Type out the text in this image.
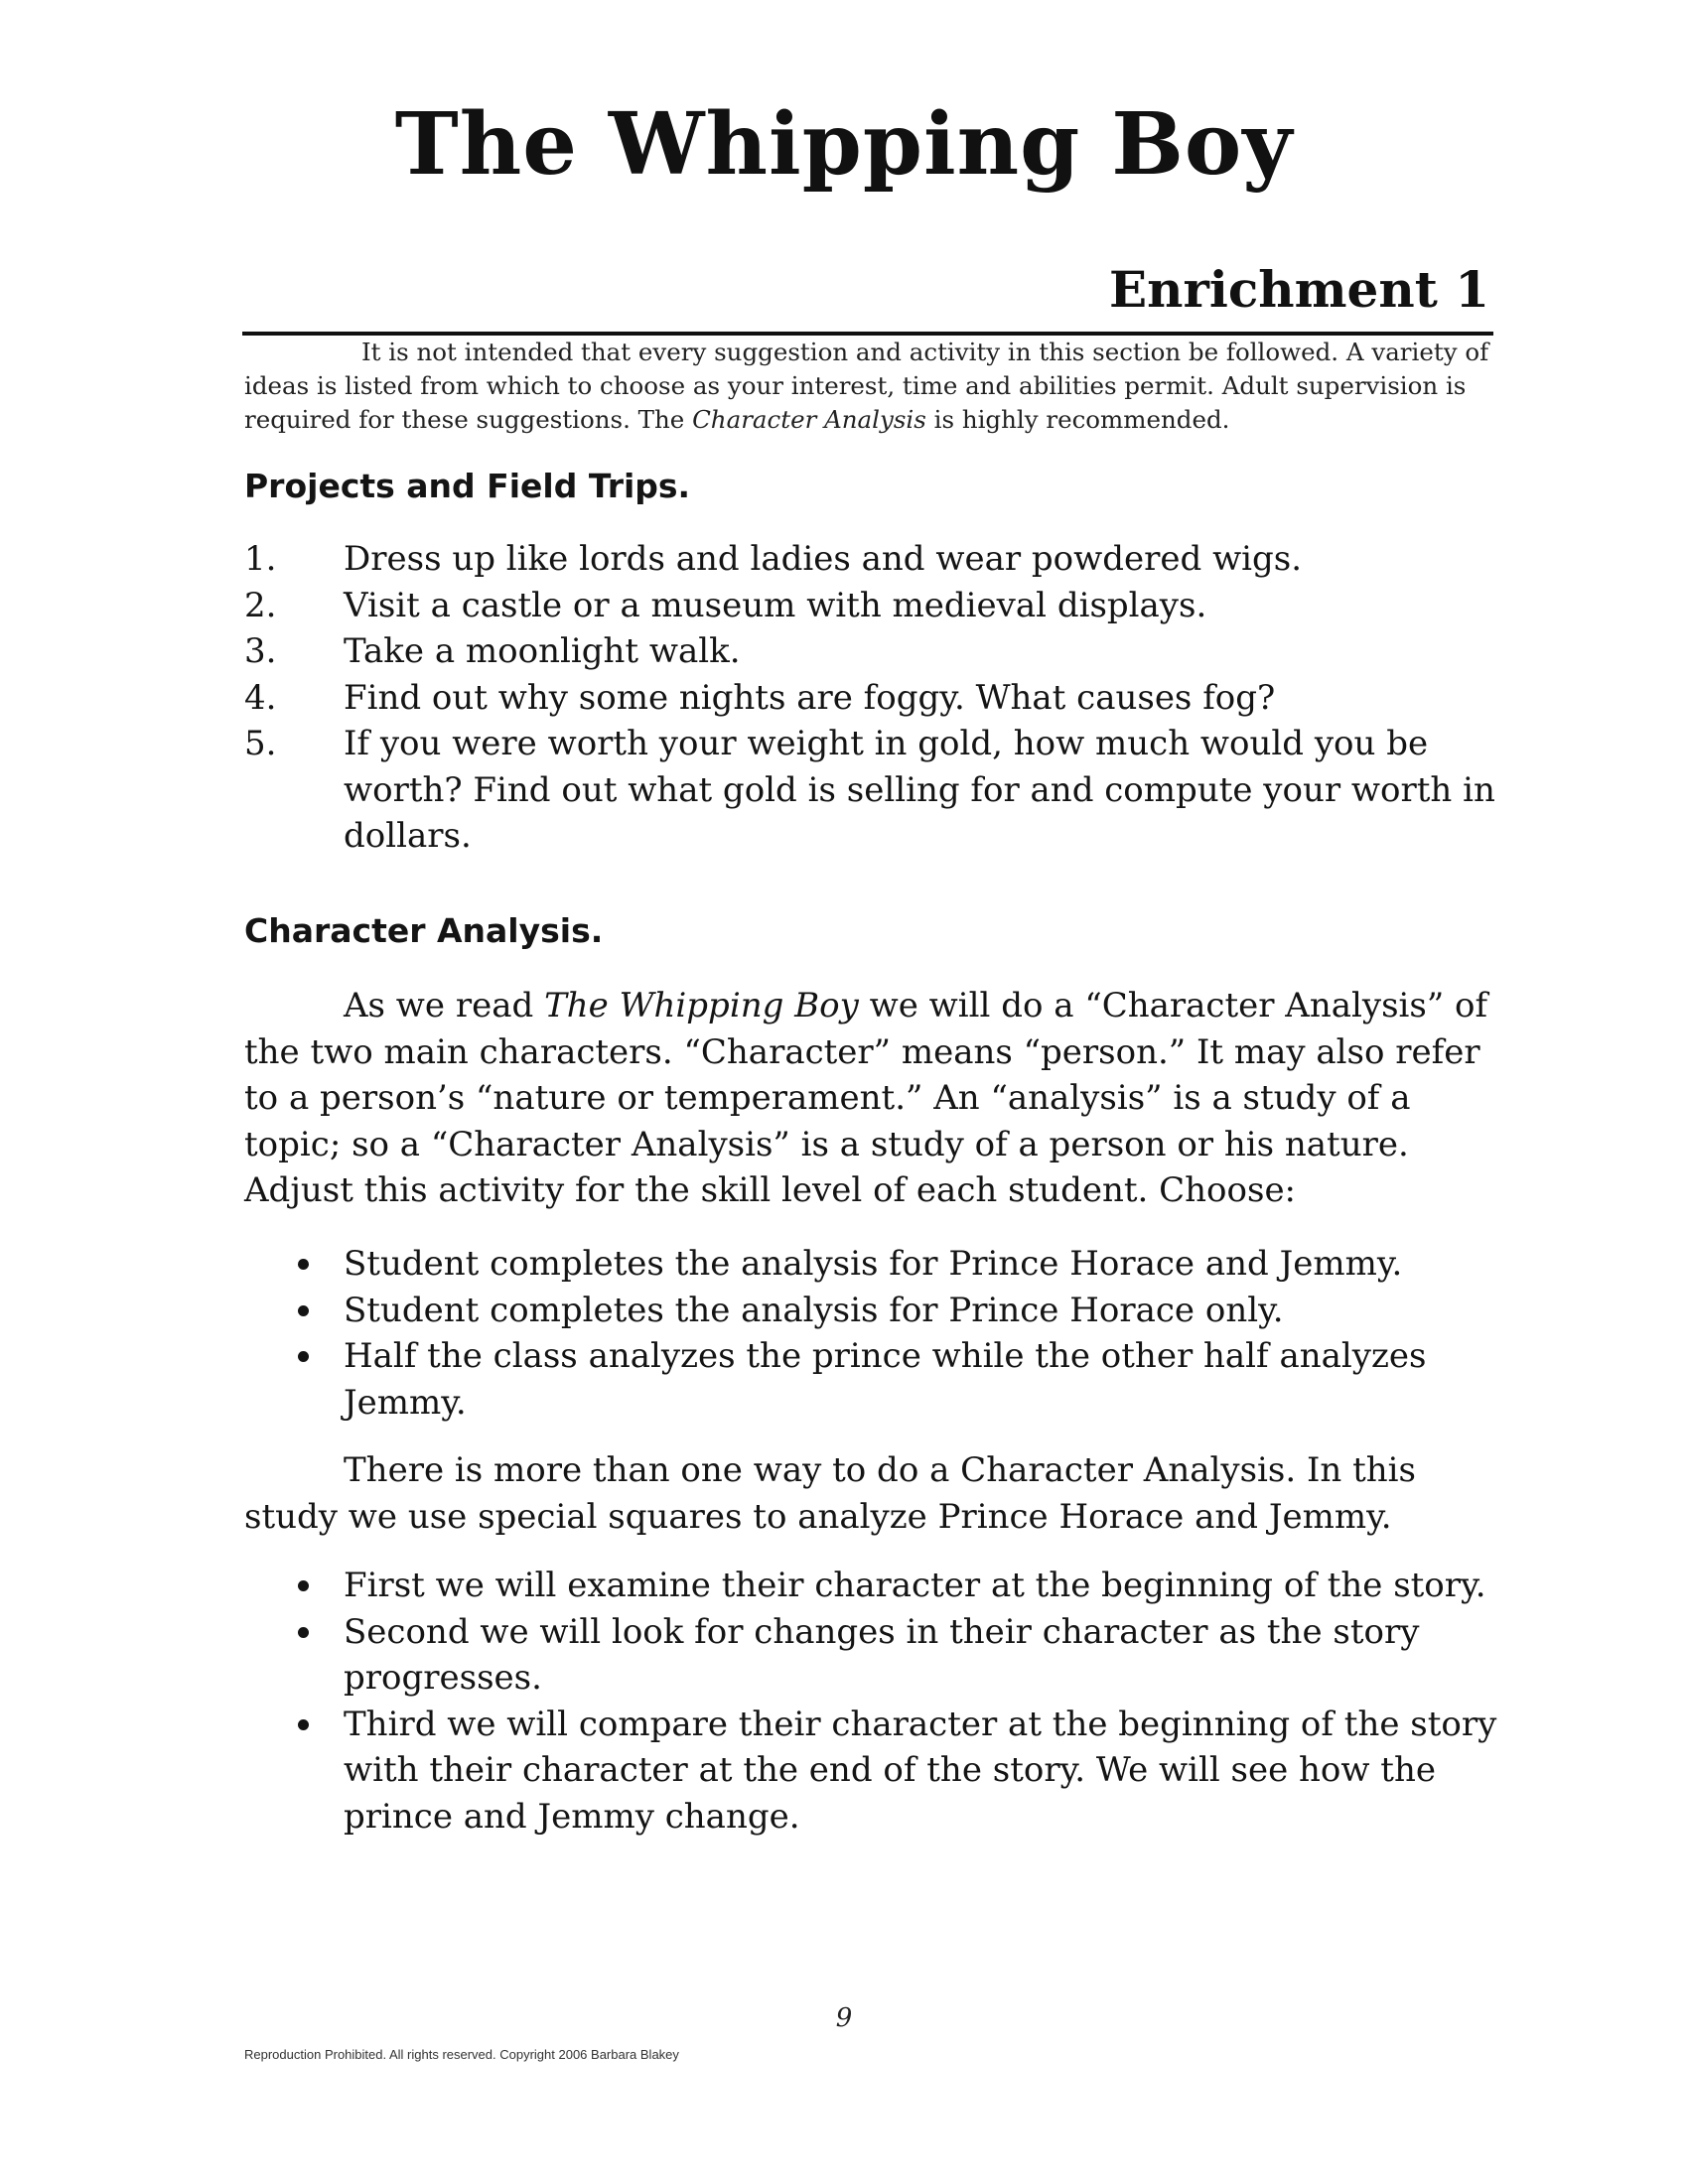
The Whipping Boy
Enrichment 1
It is not intended that every suggestion and activity in this section be followed. A variety of ideas is listed from which to choose as your interest, time and abilities permit. Adult supervision is required for these suggestions. The Character Analysis is highly recommended.
Projects and Field Trips.
1. Dress up like lords and ladies and wear powdered wigs.
2. Visit a castle or a museum with medieval displays.
3. Take a moonlight walk.
4. Find out why some nights are foggy. What causes fog?
5. If you were worth your weight in gold, how much would you be worth? Find out what gold is selling for and compute your worth in dollars.
Character Analysis.
As we read The Whipping Boy we will do a “Character Analysis” of the two main characters. “Character” means “person.” It may also refer to a person’s “nature or temperament.” An “analysis” is a study of a topic; so a “Character Analysis” is a study of a person or his nature. Adjust this activity for the skill level of each student. Choose:
Student completes the analysis for Prince Horace and Jemmy.
Student completes the analysis for Prince Horace only.
Half the class analyzes the prince while the other half analyzes Jemmy.
There is more than one way to do a Character Analysis. In this study we use special squares to analyze Prince Horace and Jemmy.
First we will examine their character at the beginning of the story.
Second we will look for changes in their character as the story progresses.
Third we will compare their character at the beginning of the story with their character at the end of the story. We will see how the prince and Jemmy change.
9
Reproduction Prohibited. All rights reserved. Copyright 2006 Barbara Blakey
